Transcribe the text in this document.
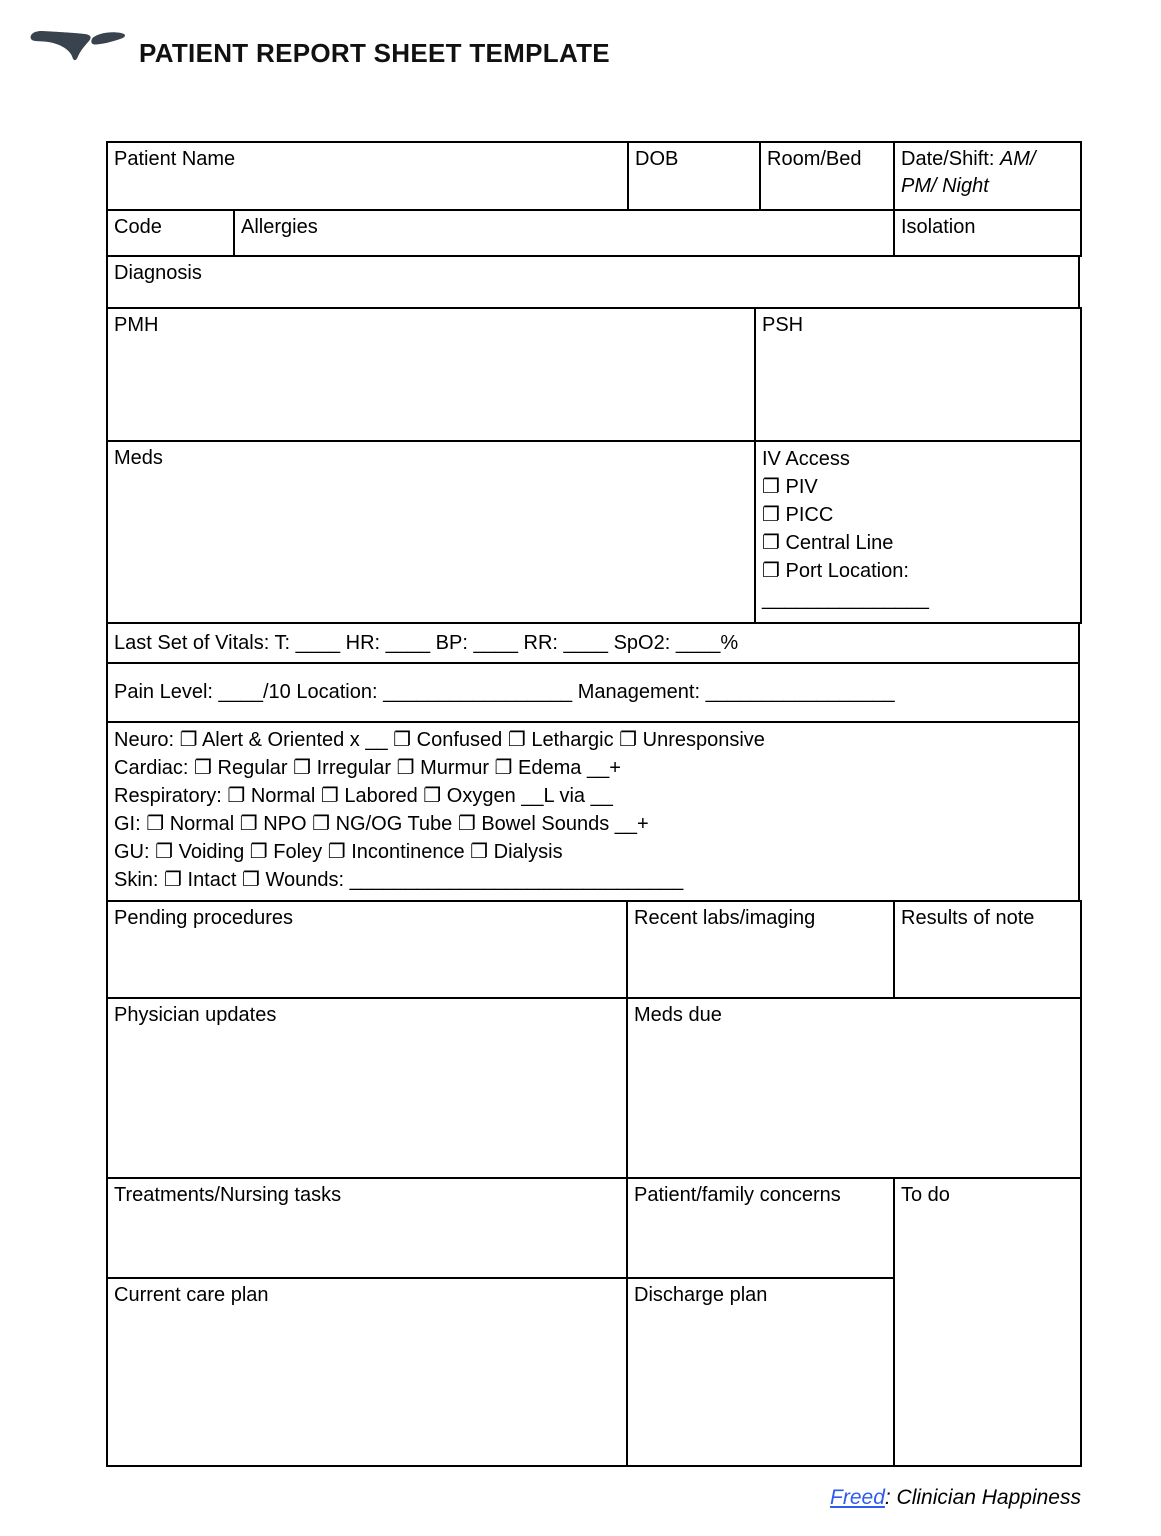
PATIENT REPORT SHEET TEMPLATE
Patient Name	DOB	Room/Bed	Date/Shift: AM/ PM/ Night
Code	Allergies	Isolation
Diagnosis
PMH	PSH
Meds	IV Access
❐ PIV
❐ PICC
❐ Central Line
❐ Port Location:
_______________
Last Set of Vitals: T: ____ HR: ____ BP: ____ RR: ____ SpO2: ____%
Pain Level: ____/10 Location: _________________ Management: _________________
Neuro: ❐ Alert & Oriented x __ ❐ Confused ❐ Lethargic ❐ Unresponsive
Cardiac: ❐ Regular ❐ Irregular ❐ Murmur ❐ Edema __+
Respiratory: ❐ Normal ❐ Labored ❐ Oxygen __L via __
GI: ❐ Normal ❐ NPO ❐ NG/OG Tube ❐ Bowel Sounds __+
GU: ❐ Voiding ❐ Foley ❐ Incontinence ❐ Dialysis
Skin: ❐ Intact ❐ Wounds: ______________________________
Pending procedures	Recent labs/imaging	Results of note
Physician updates	Meds due
Treatments/Nursing tasks	Patient/family concerns	To do
Current care plan	Discharge plan	
Freed: Clinician Happiness
